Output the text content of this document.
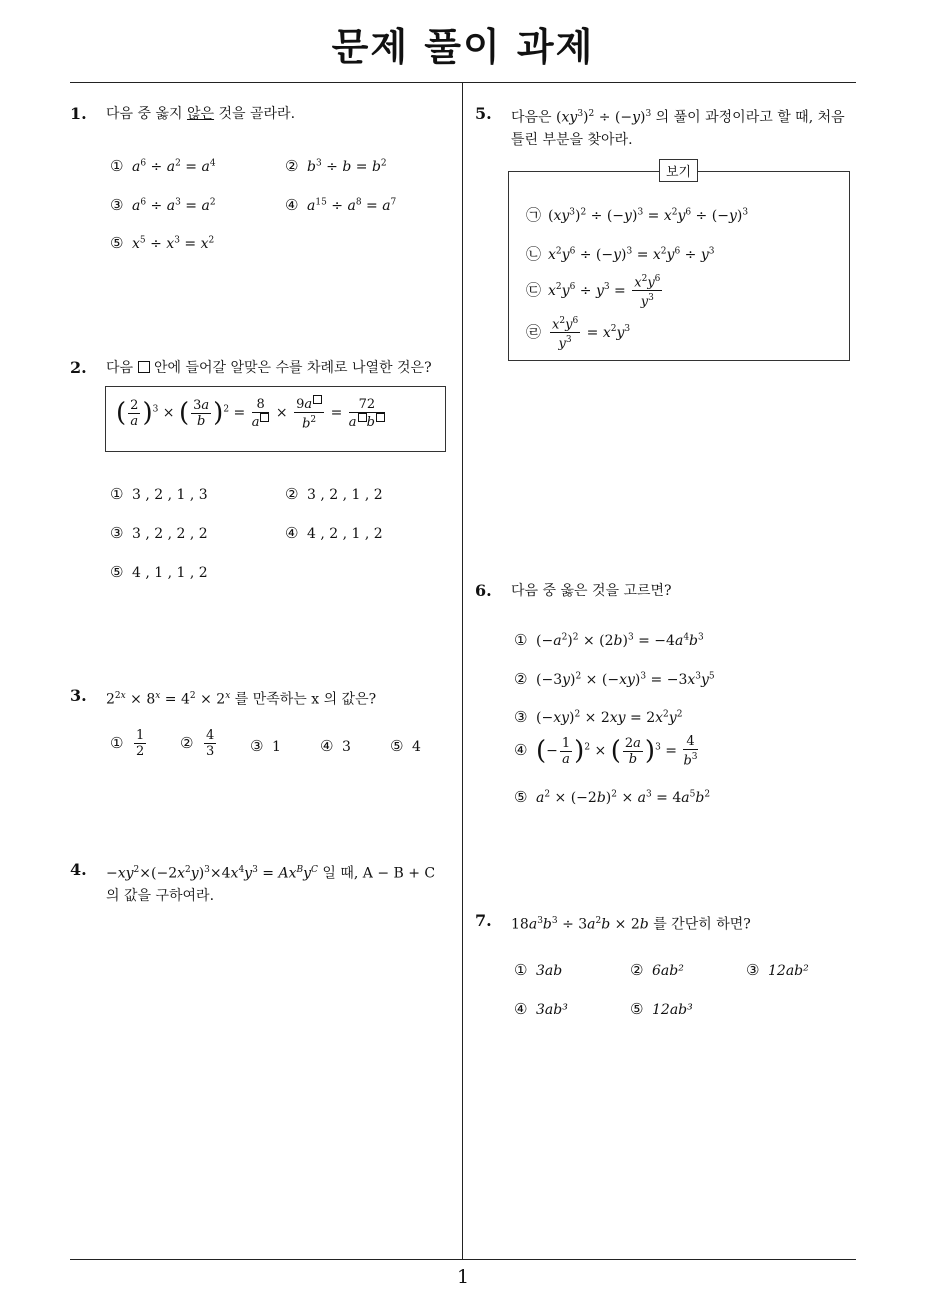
문제 풀이 과제
1
1. 다음 중 옳지 않은 것을 골라라.
① $a^6 \div a^2 = a^4$	② $b^3 \div b = b^2$
③ $a^6 \div a^3 = a^2$	④ $a^{15} \div a^8 = a^7$
⑤ $x^5 \div x^3 = x^2$
2. 다음  안에 들어갈 알맞은 수를 차례로 나열한 것은?
( $\frac{2}{a} )^3$ × ( $\frac{3a}{b} )^2 = \frac{8}{a} \times \frac{9a}{b^2} = \frac{72}{\text{a b}}$
① 3 , 2 , 1 , 3	② 3 , 2 , 1 , 2
③ 3 , 2 , 2 , 2	④ 4 , 2 , 1 , 2
⑤ 4 , 1 , 1 , 2
3. $2^{2x} \times 8^x = 4^2 \times 2^x$ 를 만족하는 x 의 값은?
① $\frac{1}{2}$ ② $\frac{4}{3}$ ③ 1	④ 3	⑤ 4
4. $-xy^2\times(-2x^2y)^3\times 4x^4y^3 = Ax^By^C$ 일 때, A − B + C
의 값을 구하여라.
5. 다음은 $(xy^3)^2 \div (-y)^3$ 의 풀이 과정이라고 할 때, 처음
틀린 부분을 찾아라.
보기
㉠ $(xy^3)^2 \div (-y)^3 = x^2y^6 \div (-y)^3$
㉡ $x^2y^6 \div (-y)^3 = x^2y^6 \div y^3$
㉢ $x^2y^6 \div y^3 = \frac{x^2y^6}{y^3}$
㉣ $\frac{x^2y^6}{y^3} = x^2y^3$
6. 다음 중 옳은 것을 고르면?
① $(-a^2)^2 \times (2b)^3 = -4a^4b^3$
② $(-3y)^2 \times (-xy)^3 = -3x^3y^5$
③ $(-xy)^2 \times 2xy = 2x^2y^2$
④ (− $\frac{1}{a} )^2$ × ( $\frac{2a}{b} )^3 = \frac{4}{b^3}$
⑤ $a^2 \times (-2b)^2 \times a^3 = 4a^5b^2$
7. $18a^3b^3 \div 3a^2b \times 2b$ 를 간단히 하면?
① 3ab	② 6ab²	③ 12ab²
④ 3ab³	⑤ 12ab³
